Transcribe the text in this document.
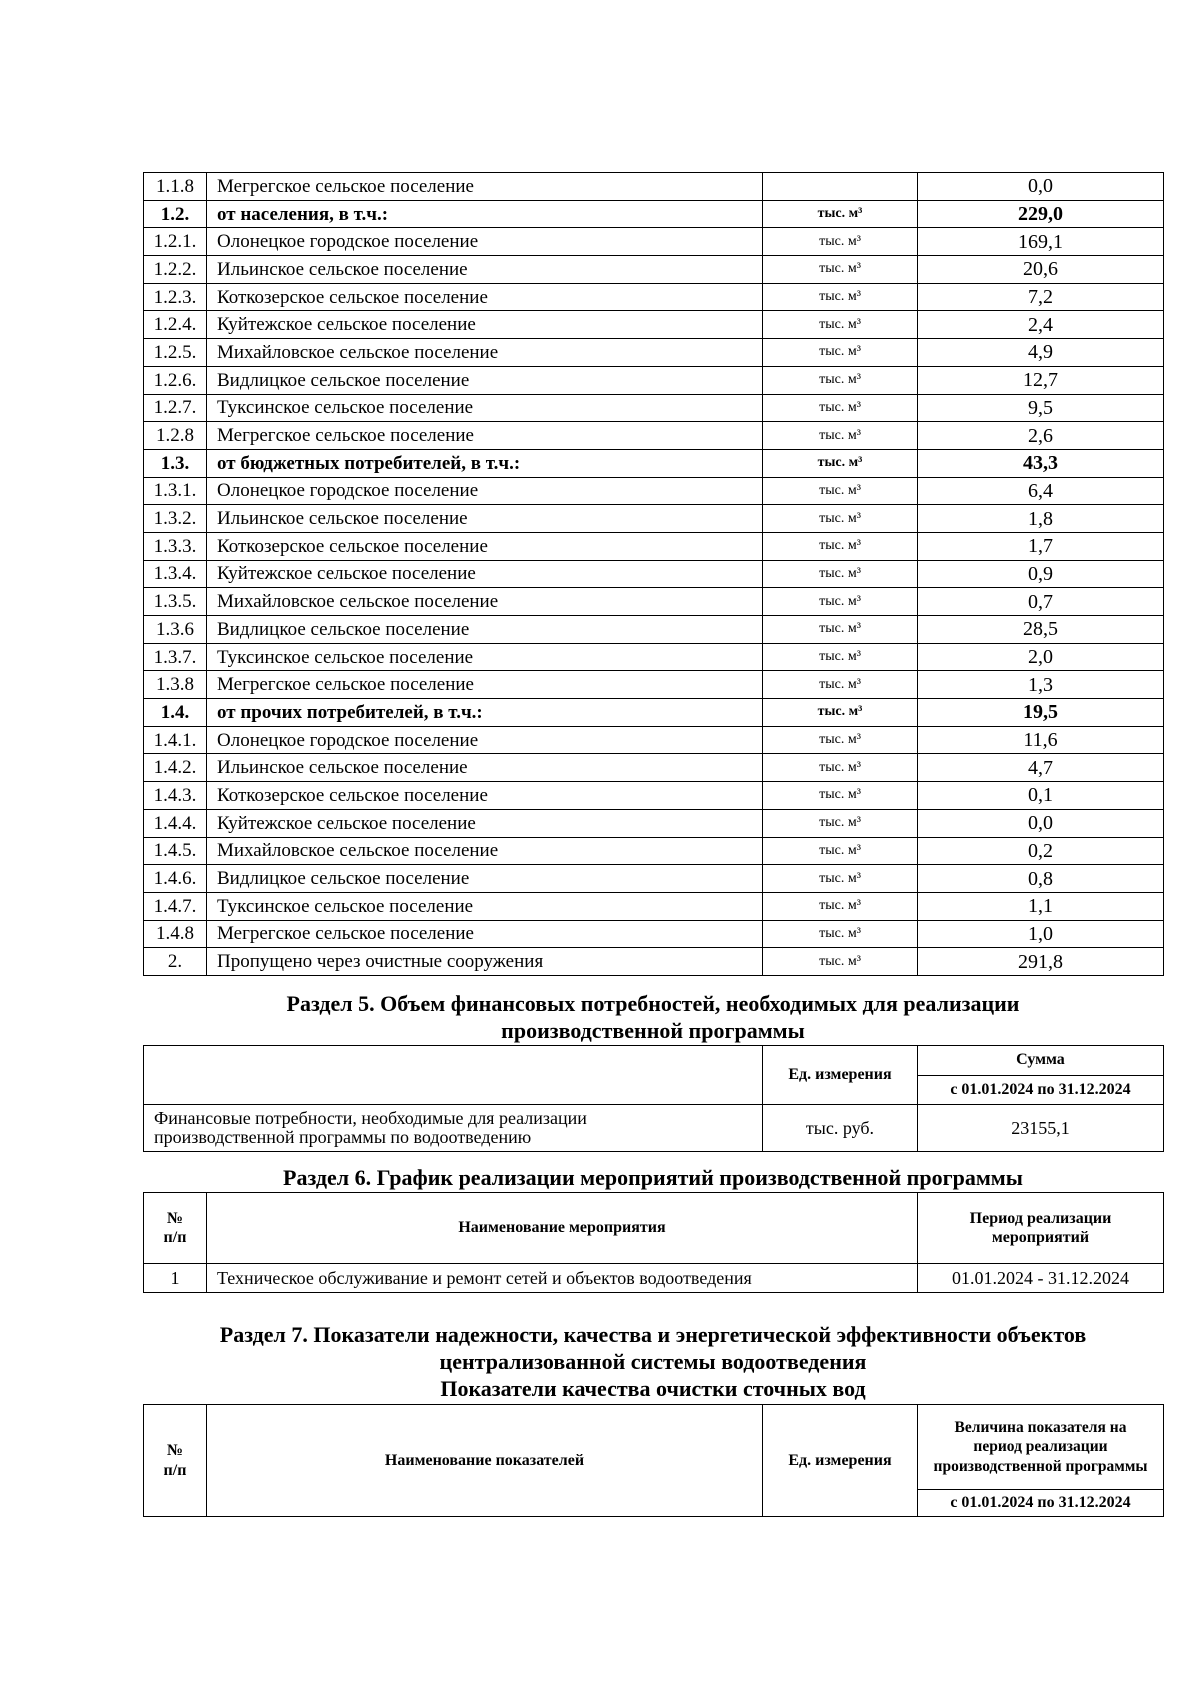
1.1.8	Мегрегское сельское поселение		0,0
1.2.	от населения, в т.ч.:	тыс. м³	229,0
1.2.1.	Олонецкое городское поселение	тыс. м³	169,1
1.2.2.	Ильинское сельское поселение	тыс. м³	20,6
1.2.3.	Коткозерское сельское поселение	тыс. м³	7,2
1.2.4.	Куйтежское сельское поселение	тыс. м³	2,4
1.2.5.	Михайловское сельское поселение	тыс. м³	4,9
1.2.6.	Видлицкое сельское поселение	тыс. м³	12,7
1.2.7.	Туксинское сельское поселение	тыс. м³	9,5
1.2.8	Мегрегское сельское поселение	тыс. м³	2,6
1.3.	от бюджетных потребителей, в т.ч.:	тыс. м³	43,3
1.3.1.	Олонецкое городское поселение	тыс. м³	6,4
1.3.2.	Ильинское сельское поселение	тыс. м³	1,8
1.3.3.	Коткозерское сельское поселение	тыс. м³	1,7
1.3.4.	Куйтежское сельское поселение	тыс. м³	0,9
1.3.5.	Михайловское сельское поселение	тыс. м³	0,7
1.3.6	Видлицкое сельское поселение	тыс. м³	28,5
1.3.7.	Туксинское сельское поселение	тыс. м³	2,0
1.3.8	Мегрегское сельское поселение	тыс. м³	1,3
1.4.	от прочих потребителей, в т.ч.:	тыс. м³	19,5
1.4.1.	Олонецкое городское поселение	тыс. м³	11,6
1.4.2.	Ильинское сельское поселение	тыс. м³	4,7
1.4.3.	Коткозерское сельское поселение	тыс. м³	0,1
1.4.4.	Куйтежское сельское поселение	тыс. м³	0,0
1.4.5.	Михайловское сельское поселение	тыс. м³	0,2
1.4.6.	Видлицкое сельское поселение	тыс. м³	0,8
1.4.7.	Туксинское сельское поселение	тыс. м³	1,1
1.4.8	Мегрегское сельское поселение	тыс. м³	1,0
2.	Пропущено через очистные сооружения	тыс. м³	291,8
Раздел 5. Объем финансовых потребностей, необходимых для реализации
производственной программы
	Ед. измерения	Сумма
		с 01.01.2024 по 31.12.2024
Финансовые потребности, необходимые для реализации
производственной программы по водоотведению	тыс. руб.	23155,1
Раздел 6. График реализации мероприятий производственной программы
№
п/п	Наименование мероприятия	Период реализации
мероприятий
1	Техническое обслуживание и ремонт сетей и объектов водоотведения	01.01.2024 - 31.12.2024
Раздел 7. Показатели надежности, качества и энергетической эффективности объектов
централизованной системы водоотведения
Показатели качества очистки сточных вод
№
п/п	Наименование показателей	Ед. измерения	Величина показателя на период реализации производственной программы
с 01.01.2024 по 31.12.2024
